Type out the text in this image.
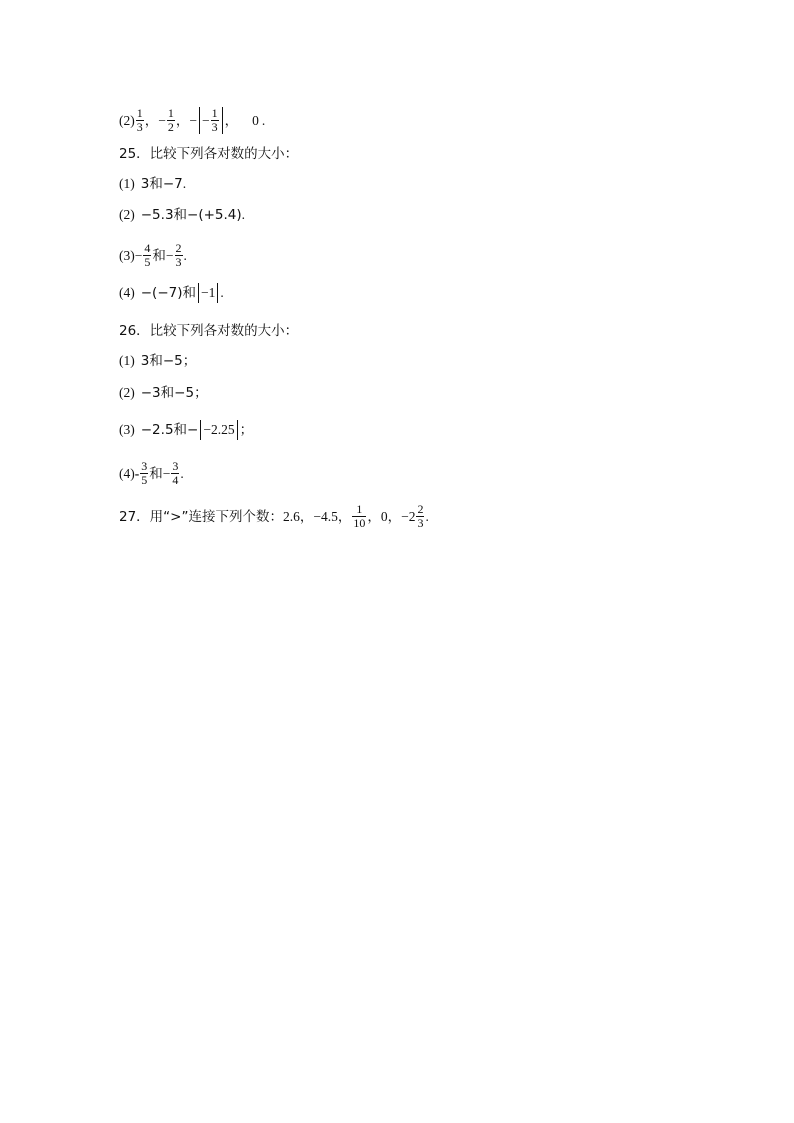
$(2) \frac{1}{3}$ ， − $\frac{1}{2}$ ， − − $\frac{1}{3}$ ， 0 .
25．比较下列各对数的大小：
(1) 3和−7 .
(2) −5.3和−(+5.4) .
$(3) - \frac{4}{5}$ 和 − $\frac{2}{3}$ .
(4) −(−7)和 −1 .
26．比较下列各对数的大小：
(1) 3和−5 ；
(2) −3和−5 ；
(3) −2.5和− −2.25 ；
$(4) - \frac{3}{5}$ 和 − $\frac{3}{4}$ .
27．用“>”连接下列个数： 2.6 ， −4.5 ， $\frac{1}{10}$ ， 0 ， $-2 \frac{2}{3}$ .
